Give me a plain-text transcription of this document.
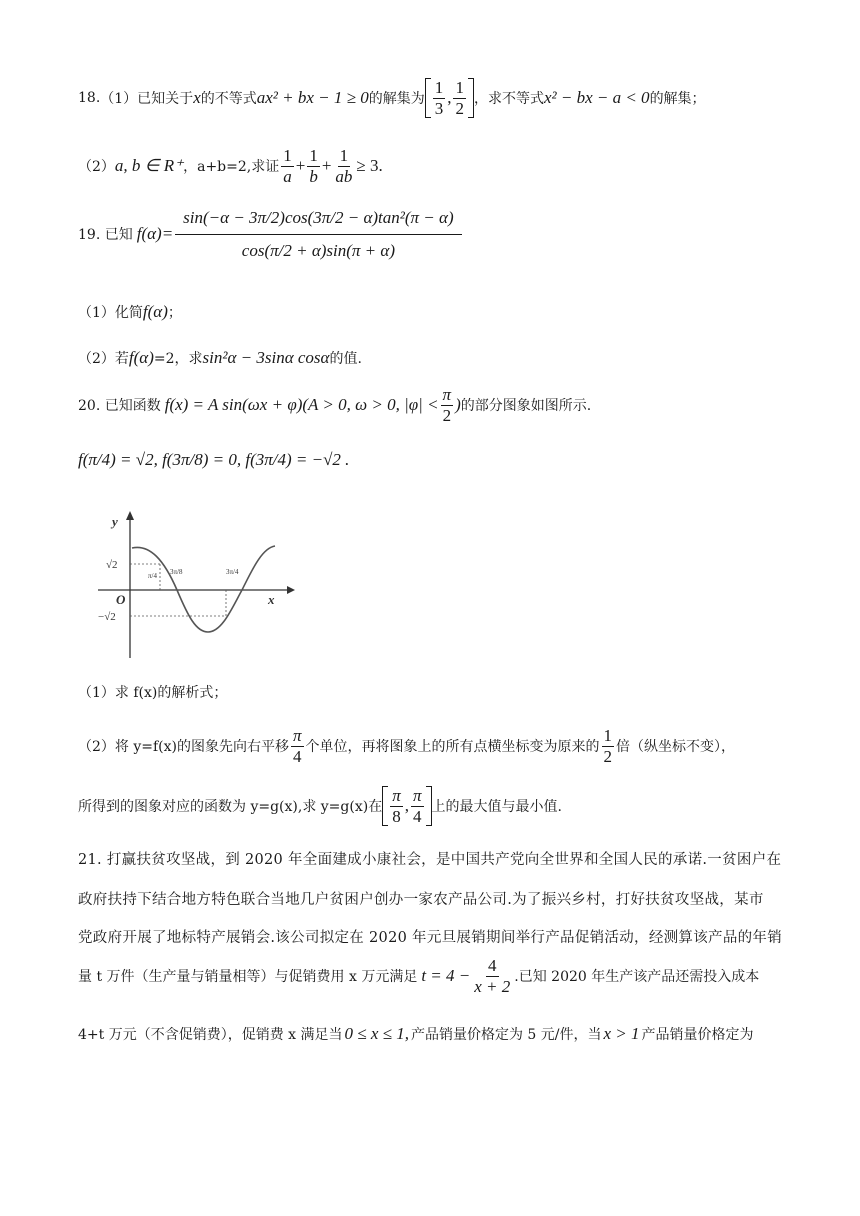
18. （1）已知关于 x 的不等式 ax² + bx − 1 ≥ 0 的解集为 $\frac{1}{3}$ , $\frac{1}{2}$ ，求不等式 x² − bx − a < 0 的解集；
（2） a, b ∈ R⁺ ，a+b=2,求证 $\frac{1}{a} + \frac{1}{b} + \frac{1}{ab} \ge 3$.
19. 已知 $f(\alpha)= \frac{\text{sin(−α − 3π/2)cos(3π/2 − α)tan²(π − α)}}{\cos(\pi/2 + \alpha)\sin(\pi + \alpha)}$
（1）化简 f(α) ；
（2）若 f(α) =2，求 sin²α − 3sinα cosα 的值.
20. 已知函数 f(x) = A sin(ωx + φ)(A > 0, ω > 0, $|\varphi| < \frac{\pi}{2}$ ) 的部分图象如图所示.
f(π/4) = √2, f(3π/8) = 0, f(3π/4) = −√2 .
y
x
O
√2
−√2
π/4 3π/8	3π/4
（1）求 f(x)的解析式；
（2）将 y=f(x)的图象先向右平移 $\frac{\pi}{4}$ 个单位，再将图象上的所有点横坐标变为原来的 $\frac{1}{2}$ 倍（纵坐标不变），
所得到的图象对应的函数为 y=g(x),求 y=g(x)在 $\frac{\pi}{8}$ , $\frac{\pi}{4}$ 上的最大值与最小值.
21. 打赢扶贫攻坚战，到 2020 年全面建成小康社会，是中国共产党向全世界和全国人民的承诺.一贫困户在
政府扶持下结合地方特色联合当地几户贫困户创办一家农产品公司.为了振兴乡村，打好扶贫攻坚战，某市
党政府开展了地标特产展销会.该公司拟定在 2020 年元旦展销期间举行产品促销活动，经测算该产品的年销
量 t 万件（生产量与销量相等）与促销费用 x 万元满足 $t = 4 - \frac{4}{x + 2}$ .已知 2020 年生产该产品还需投入成本
4+t 万元（不含促销费），促销费 x 满足当 0 ≤ x ≤ 1, 产品销量价格定为 5 元/件，当 x > 1 产品销量价格定为
